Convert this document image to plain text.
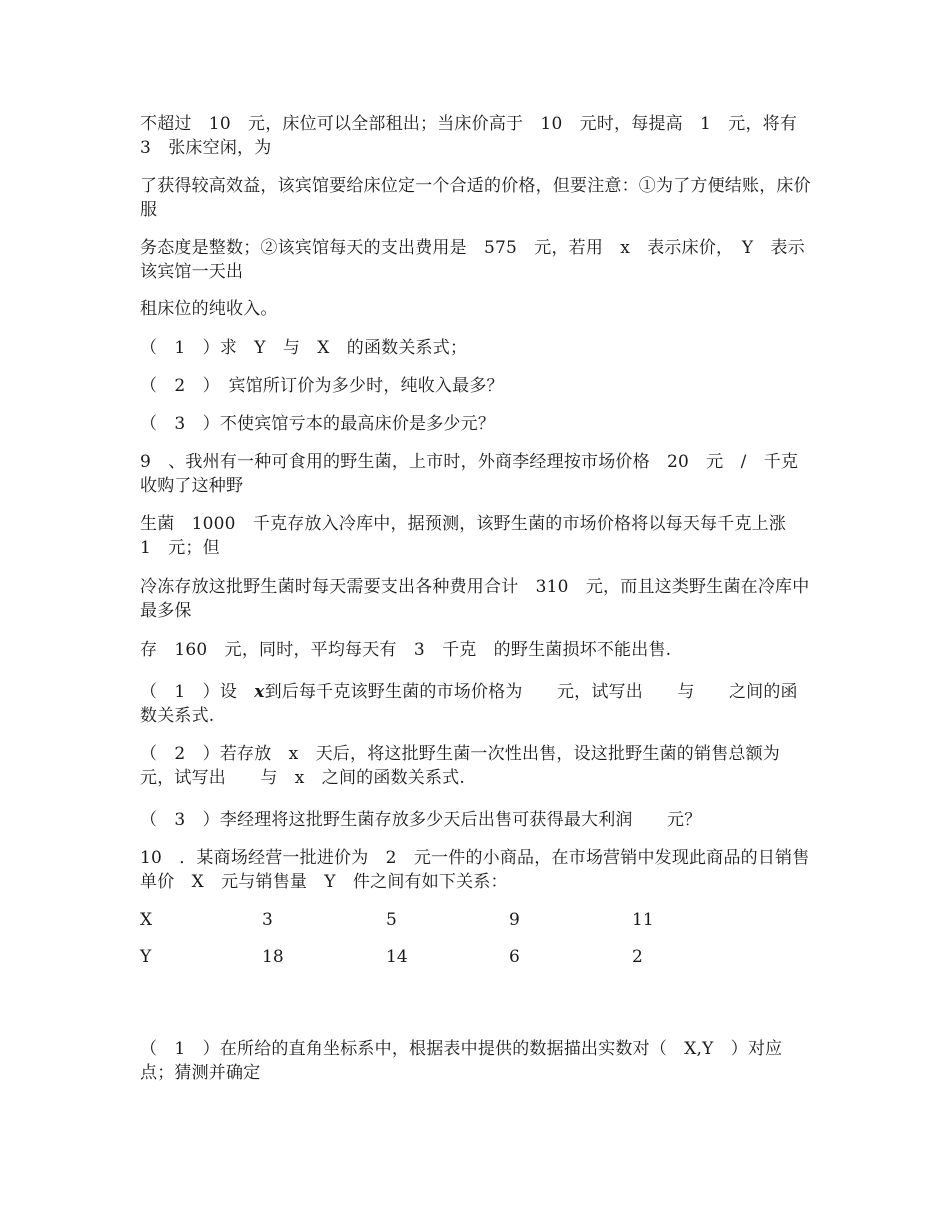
不超过　10　元，床位可以全部租出；当床价高于　10　元时，每提高　1　元，将有　3　张床空闲，为
了获得较高效益，该宾馆要给床位定一个合适的价格，但要注意：①为了方便结账，床价服
务态度是整数；②该宾馆每天的支出费用是　575　元，若用　x　表示床价，　Y　表示该宾馆一天出
租床位的纯收入。
（　1　）求　Y　与　X　的函数关系式；
（　2　）　宾馆所订价为多少时，纯收入最多？
（　3　）不使宾馆亏本的最高床价是多少元？
9　、我州有一种可食用的野生菌，上市时，外商李经理按市场价格　20　元　/　千克收购了这种野
生菌　1000　千克存放入冷库中，据预测，该野生菌的市场价格将以每天每千克上涨　1　元；但
冷冻存放这批野生菌时每天需要支出各种费用合计　310　元，而且这类野生菌在冷库中最多保
存　160　元，同时，平均每天有　3　千克　的野生菌损坏不能出售.
（　1　）设　x到后每千克该野生菌的市场价格为　　元，试写出　　与　　之间的函数关系式.
（　2　）若存放　x　天后，将这批野生菌一次性出售，设这批野生菌的销售总额为　　元，试写出　　与　x　之间的函数关系式.
（　3　）李经理将这批野生菌存放多少天后出售可获得最大利润　　元？
10　．某商场经营一批进价为　2　元一件的小商品，在市场营销中发现此商品的日销售单价　X　元与销售量　Y　件之间有如下关系：
X	3	5	9	11
Y	18	14	6	2
（　1　）在所给的直角坐标系中，根据表中提供的数据描出实数对（　X,Y　）对应点；猜测并确定
